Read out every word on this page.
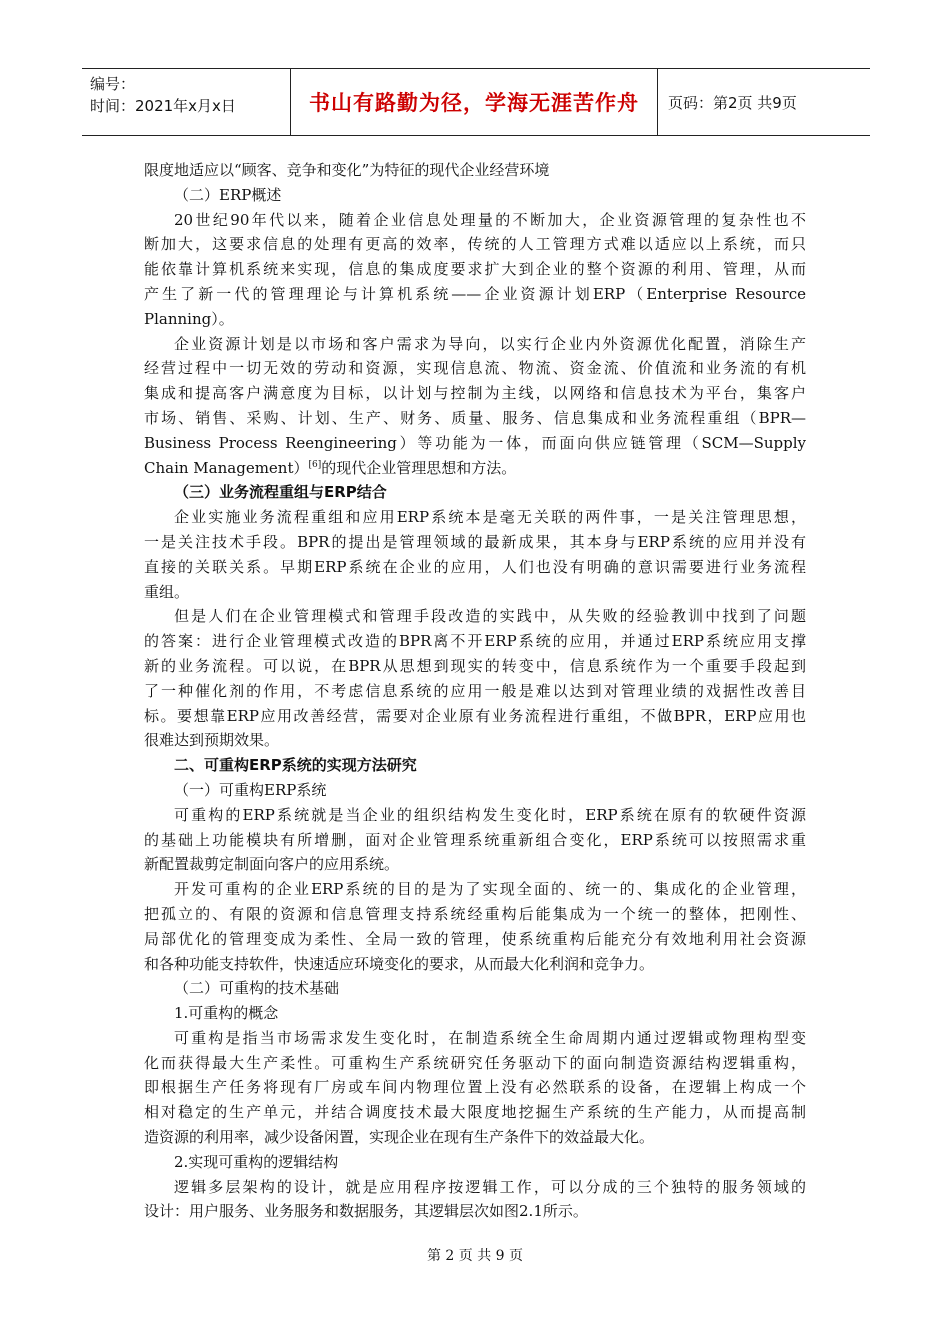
编号：
时间：2021年x月x日	书山有路勤为径，学海无涯苦作舟	页码：第2页 共9页
限度地适应以“顾客、竞争和变化”为特征的现代企业经营环境
（二）ERP概述
20世纪90年代以来，随着企业信息处理量的不断加大，企业资源管理的复杂性也不
断加大，这要求信息的处理有更高的效率，传统的人工管理方式难以适应以上系统，而只
能依靠计算机系统来实现，信息的集成度要求扩大到企业的整个资源的利用、管理，从而
产生了新一代的管理理论与计算机系统——企业资源计划ERP（Enterprise Resource
Planning）。
企业资源计划是以市场和客户需求为导向，以实行企业内外资源优化配置，消除生产
经营过程中一切无效的劳动和资源，实现信息流、物流、资金流、价值流和业务流的有机
集成和提高客户满意度为目标，以计划与控制为主线，以网络和信息技术为平台，集客户
市场、销售、采购、计划、生产、财务、质量、服务、信息集成和业务流程重组（BPR—
Business Process Reengineering）等功能为一体，而面向供应链管理（SCM—Supply
Chain Management）[6]的现代企业管理思想和方法。
（三）业务流程重组与ERP结合
企业实施业务流程重组和应用ERP系统本是毫无关联的两件事，一是关注管理思想，
一是关注技术手段。BPR的提出是管理领域的最新成果，其本身与ERP系统的应用并没有
直接的关联关系。早期ERP系统在企业的应用，人们也没有明确的意识需要进行业务流程
重组。
但是人们在企业管理模式和管理手段改造的实践中，从失败的经验教训中找到了问题
的答案：进行企业管理模式改造的BPR离不开ERP系统的应用，并通过ERP系统应用支撑
新的业务流程。可以说，在BPR从思想到现实的转变中，信息系统作为一个重要手段起到
了一种催化剂的作用，不考虑信息系统的应用一般是难以达到对管理业绩的戏据性改善目
标。要想靠ERP应用改善经营，需要对企业原有业务流程进行重组，不做BPR，ERP应用也
很难达到预期效果。
二、可重构ERP系统的实现方法研究
（一）可重构ERP系统
可重构的ERP系统就是当企业的组织结构发生变化时，ERP系统在原有的软硬件资源
的基础上功能模块有所增删，面对企业管理系统重新组合变化，ERP系统可以按照需求重
新配置裁剪定制面向客户的应用系统。
开发可重构的企业ERP系统的目的是为了实现全面的、统一的、集成化的企业管理，
把孤立的、有限的资源和信息管理支持系统经重构后能集成为一个统一的整体，把刚性、
局部优化的管理变成为柔性、全局一致的管理，使系统重构后能充分有效地利用社会资源
和各种功能支持软件，快速适应环境变化的要求，从而最大化利润和竞争力。
（二）可重构的技术基础
1.可重构的概念
可重构是指当市场需求发生变化时，在制造系统全生命周期内通过逻辑或物理构型变
化而获得最大生产柔性。可重构生产系统研究任务驱动下的面向制造资源结构逻辑重构，
即根据生产任务将现有厂房或车间内物理位置上没有必然联系的设备，在逻辑上构成一个
相对稳定的生产单元，并结合调度技术最大限度地挖掘生产系统的生产能力，从而提高制
造资源的利用率，减少设备闲置，实现企业在现有生产条件下的效益最大化。
2.实现可重构的逻辑结构
逻辑多层架构的设计，就是应用程序按逻辑工作，可以分成的三个独特的服务领域的
设计：用户服务、业务服务和数据服务，其逻辑层次如图2.1所示。
第 2 页 共 9 页
